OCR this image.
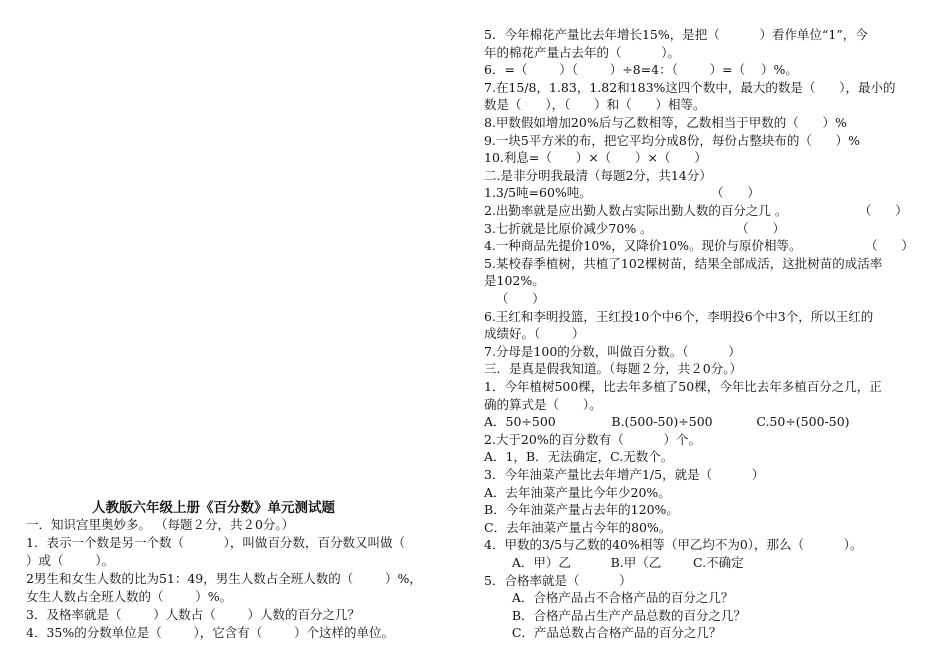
人教版六年级上册《百分数》单元测试题
一．知识宫里奥妙多。 （每题２分，共２0分。）
1．表示一个数是另一个数（          ），叫做百分数，百分数又叫做（
）或（        ）。
2男生和女生人数的比为51：49，男生人数占全班人数的（        ）%，
女生人数占全班人数的（        ）%。
3．及格率就是（        ）人数占（        ）人数的百分之几？
4．35%的分数单位是（        ），它含有（        ）个这样的单位。
5．今年棉花产量比去年增长15%，是把（          ）看作单位“1”，今
年的棉花产量占去年的（          ）。
6．=（        ）（        ）÷8=4：（        ）=（    ）%。
7.在15/8，1.83，1.82和183%这四个数中，最大的数是（      ），最小的
数是（      ），（      ）和（      ）相等。
8.甲数假如增加20%后与乙数相等，乙数相当于甲数的（      ）%
9.一块5平方米的布，把它平均分成8份，每份占整块布的（      ）%
10.利息=（      ）×（      ）×（      ）
二.是非分明我最清（每题2分，共14分）
1.3/5吨=60%吨。                              （      ）
2.出勤率就是应出勤人数占实际出勤人数的百分之几 。                  （      ）
3.七折就是比原价减少70% 。                     （      ）
4.一种商品先提价10%，又降价10%。现价与原价相等。                （      ）
5.某校春季植树，共植了102棵树苗，结果全部成活，这批树苗的成活率
是102%。
（      ）
6.王红和李明投篮，王红投10个中6个，李明投6个中3个，所以王红的
成绩好。（        ）
7.分母是100的分数，叫做百分数。（          ）
三．是真是假我知道。（每题２分，共２0分。）
1．今年植树500棵，比去年多植了50棵，今年比去年多植百分之几，正
确的算式是（      ）。
A．50÷500              B.(500-50)÷500           C.50÷(500-50)
2.大于20%的百分数有（          ）个。
A．1，B．无法确定，C.无数个。
3．今年油菜产量比去年增产1/5，就是（          ）
A．去年油菜产量比今年少20%。
B．今年油菜产量占去年的120%。
C．去年油菜产量占今年的80%。
4．甲数的3/5与乙数的40%相等（甲乙均不为0），那么（          ）。
A．甲）乙          B.甲（乙        C.不确定
5．合格率就是（          ）
A．合格产品占不合格产品的百分之几？
B．合格产品占生产产品总数的百分之几？
C．产品总数占合格产品的百分之几？
